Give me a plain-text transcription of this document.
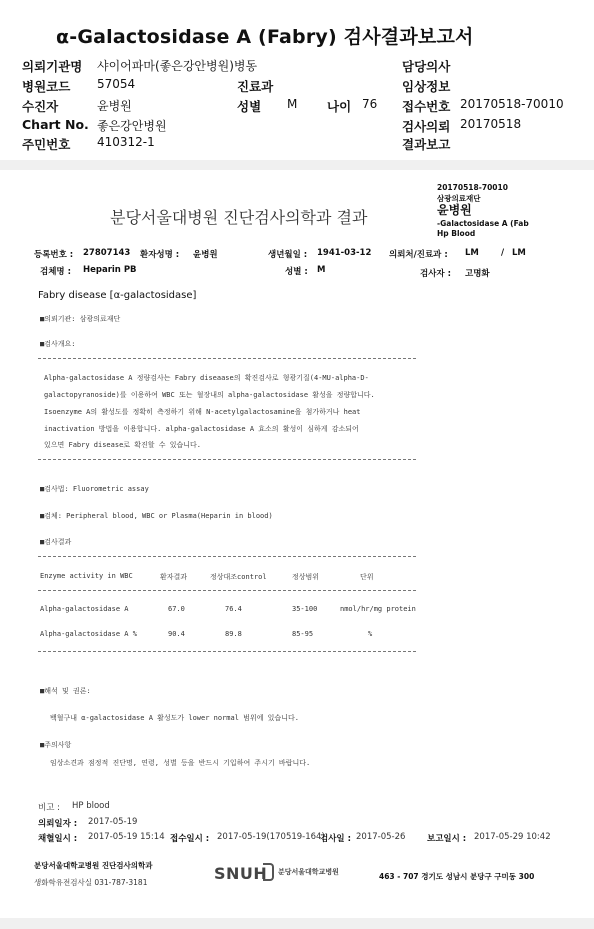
α-Galactosidase A (Fabry) 검사결과보고서
의뢰기관명 샤이어파마(좋은강안병원)병동	담당의사
병원코드 57054	진료과	임상정보
수진자	윤병원	성별 M 나이 76 접수번호 20170518-70010
Chart No. 좋은강안병원	검사의뢰 20170518
주민번호 410312-1	결과보고
20170518-70010
삼광의료재단
윤병원
-Galactosidase A (Fab
Hp Blood
분당서울대병원 진단검사의학과 결과
등록번호 : 27807143 환자성명 : 윤병원	생년월일 : 1941-03-12 의뢰처/진료과 : LM	/ LM
검체명 : Heparin PB	성별 : M	검사자 : 고명화
Fabry disease [α-galactosidase]
■의뢰기관: 삼광의료재단
■검사개요:
Alpha-galactosidase A 정량검사는 Fabry diseaase의 확진검사로 형광기질(4-MU-alpha-D-
galactopyranoside)를 이용하여 WBC 또는 혈장내의 alpha-galactosidase 활성을 정량합니다.
Isoenzyme A의 활성도를 정확히 측정하기 위해 N-acetylgalactosamine을 첨가하거나 heat
inactivation 방법을 이용합니다. alpha-galactosidase A 효소의 활성이 심하게 감소되어
있으면 Fabry disease로 확진할 수 있습니다.
■검사법: Fluorometric assay
■검체: Peripheral blood, WBC or Plasma(Heparin in blood)
■검사결과
Enzyme activity in WBC	환자결과	정상대조control	정상범위	단위
Alpha-galactosidase A	67.0	76.4	35-100	nmol/hr/mg protein
Alpha-galactosidase A %	90.4	89.8	85-95	%
■해석 및 권론:
백혈구내 α-galactosidase A 활성도가 lower normal 범위에 있습니다.
■주의사항
임상소견과 점정적 진단명, 연령, 성별 등을 반드시 기입하여 주시기 바랍니다.
비고 : HP blood
의뢰일자 : 2017-05-19
채혈일시 : 2017-05-19 15:14 접수일시 : 2017-05-19(170519-164)
검사일 : 2017-05-26	보고일시 : 2017-05-29 10:42
분당서울대학교병원 진단검사의학과
생화학유전검사실 031-787-3181	SNUH 분당서울대학교병원	463 - 707 경기도 성남시 분당구 구미동 300
